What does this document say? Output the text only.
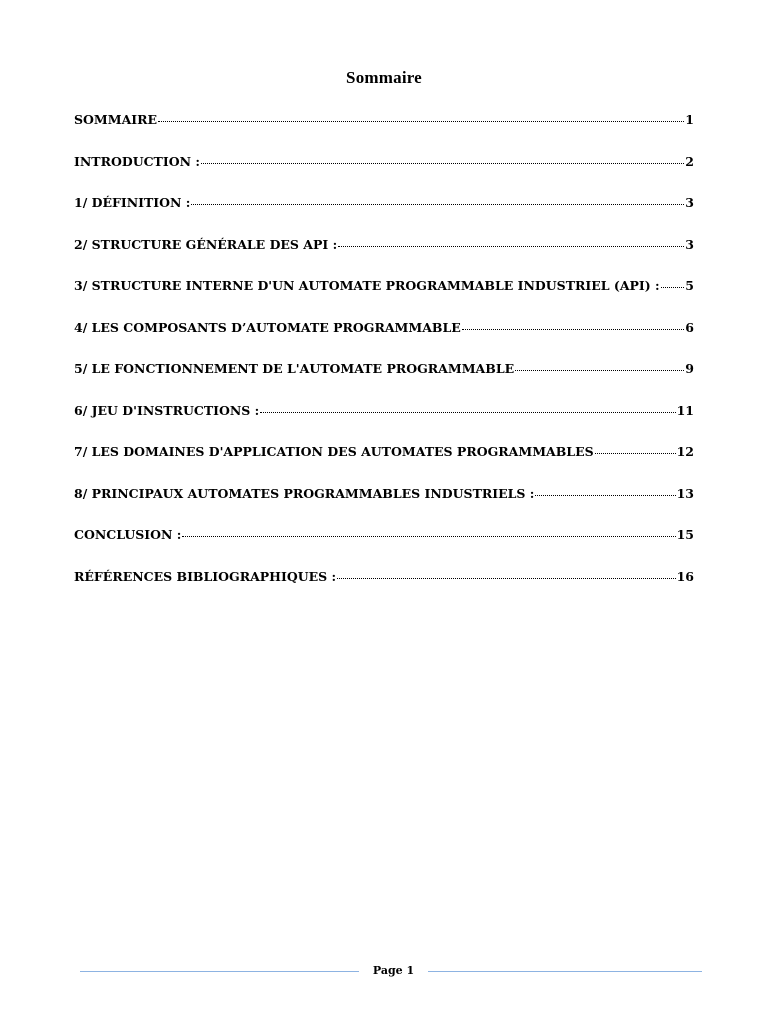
Sommaire
SOMMAIRE	1
INTRODUCTION :	2
1/ DÉFINITION :	3
2/ STRUCTURE GÉNÉRALE DES API :	3
3/ STRUCTURE INTERNE D'UN AUTOMATE PROGRAMMABLE INDUSTRIEL (API) : 5
4/ LES COMPOSANTS D’AUTOMATE PROGRAMMABLE	6
5/ LE FONCTIONNEMENT DE L'AUTOMATE PROGRAMMABLE	9
6/ JEU D'INSTRUCTIONS :	11
7/ LES DOMAINES D'APPLICATION DES AUTOMATES PROGRAMMABLES	12
8/ PRINCIPAUX AUTOMATES PROGRAMMABLES INDUSTRIELS :	13
CONCLUSION :	15
RÉFÉRENCES BIBLIOGRAPHIQUES :	16
Page 1
